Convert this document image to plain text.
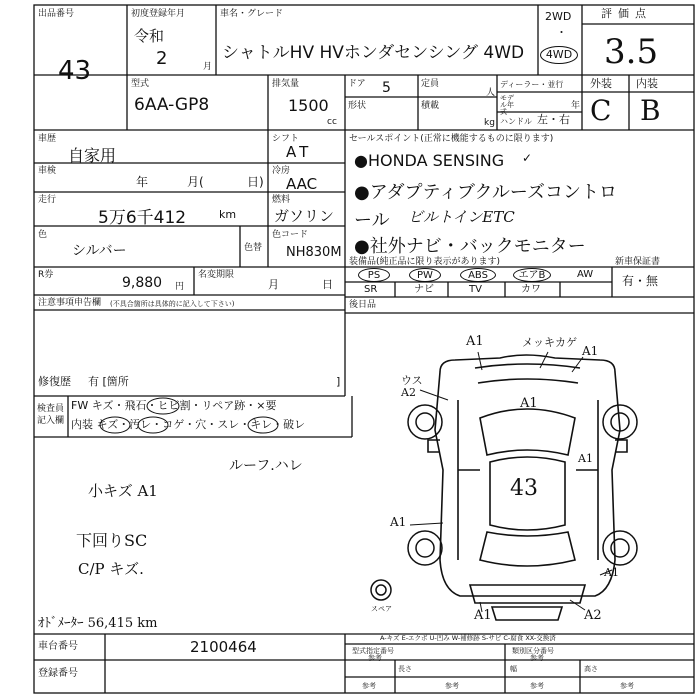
出品番号
43
初度登録年月
令和
2	月
車名・グレード
シャトルHV HVホンダセンシング 4WD
2WD
・
4WD
評価点
3.5
型式
6AA-GP8
排気量
1500
cc
ドア 5
形状
定員
人
積載
kg
ディーラー・並行
モデル年式
年
ハンドル 左・右
外装 内装
C B
車歴
自家用
シフト
AT
車検
年	月(	日)
冷房
AAC
走行
5万6千412	km
燃料
ガソリン
色
シルバー	色替
色コード
NH830M
R券	9,880 円
名変期限
月	日
セールスポイント(正常に機能するものに限ります)
●HONDA SENSING ✓
●アダプティブクルーズコントロ
ール ビルトインETC
●社外ナビ・バックモニター
装備品(純正品に限り表示があります)
PS	PW	ABS	エアB	AW
SR	ナビ	TV	カワ
新車保証書
有・無
後日品
注意事項申告欄 (不具合箇所は具体的に記入して下さい)
修復歴 有 [箇所	]
検査員記入欄
FW キズ・飛石・ヒビ割・リペア跡・×要
内装 キズ・汚レ・コゲ・穴・スレ・キレ・破レ
ルーフ.ハレ
小キズ A1
下回りSC
C/P キズ.
ｵﾄﾞﾒｰﾀｰ 56,415 km
A1	メッキカゲ
A1
ウス A2
A1
A1
43
A1
A1
A1	A2
スペア
A-キズ E-エクボ U-凹み W-補修跡 S-サビ C-腐食 XX-交換済
車台番号	2100464
登録番号
型式指定番号
参考
類別区分番号
参考
長さ	幅	高さ
参考	参考	参考	参考
